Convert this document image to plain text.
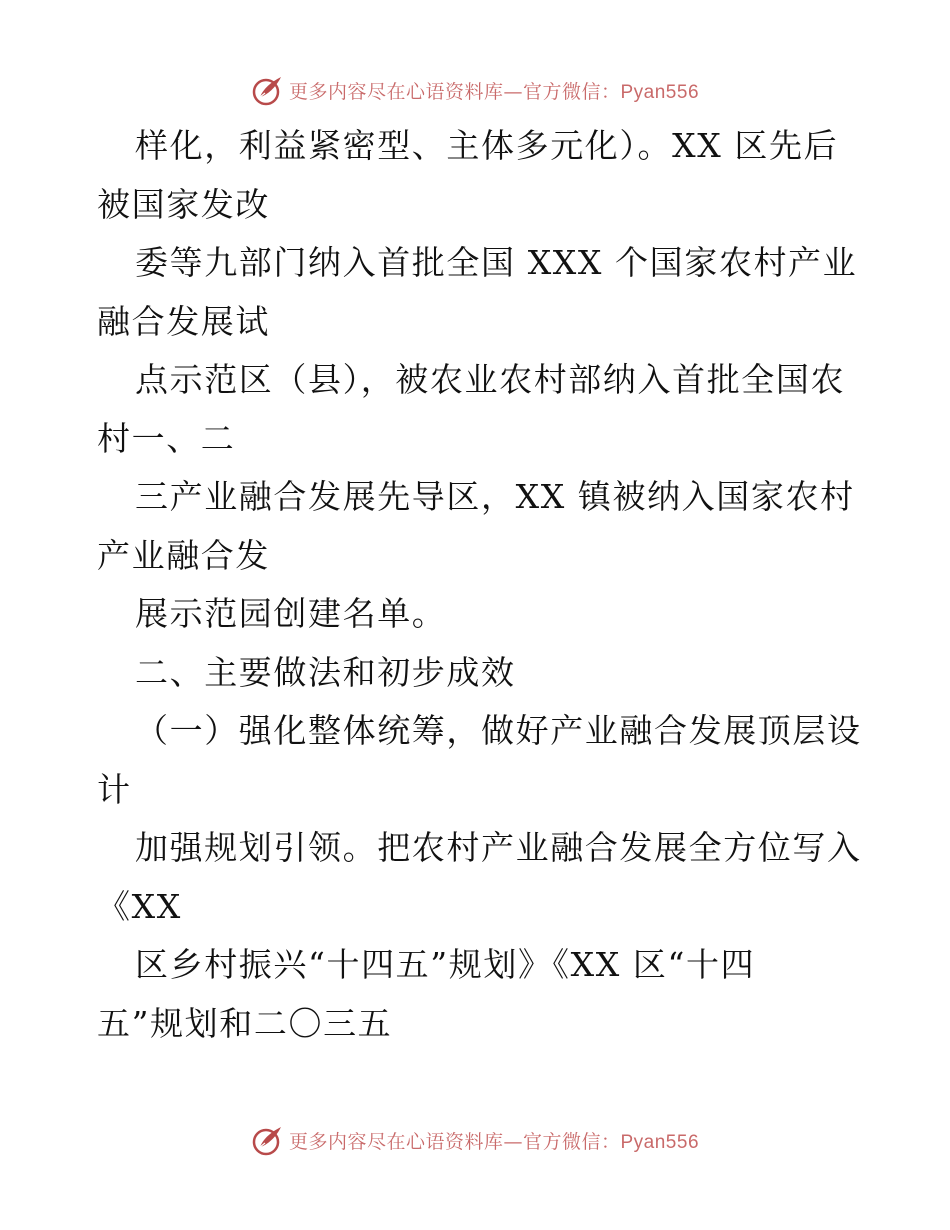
更多内容尽在心语资料库—官方微信：Pyan556
样化，利益紧密型、主体多元化）。XX 区先后
被国家发改
委等九部门纳入首批全国 XXX 个国家农村产业
融合发展试
点示范区（县），被农业农村部纳入首批全国农
村一、二
三产业融合发展先导区，XX 镇被纳入国家农村
产业融合发
展示范园创建名单。
二、主要做法和初步成效
（一）强化整体统筹，做好产业融合发展顶层设
计
加强规划引领。把农村产业融合发展全方位写入
《XX
区乡村振兴“十四五”规划》《XX 区“十四
五”规划和二〇三五
更多内容尽在心语资料库—官方微信：Pyan556
